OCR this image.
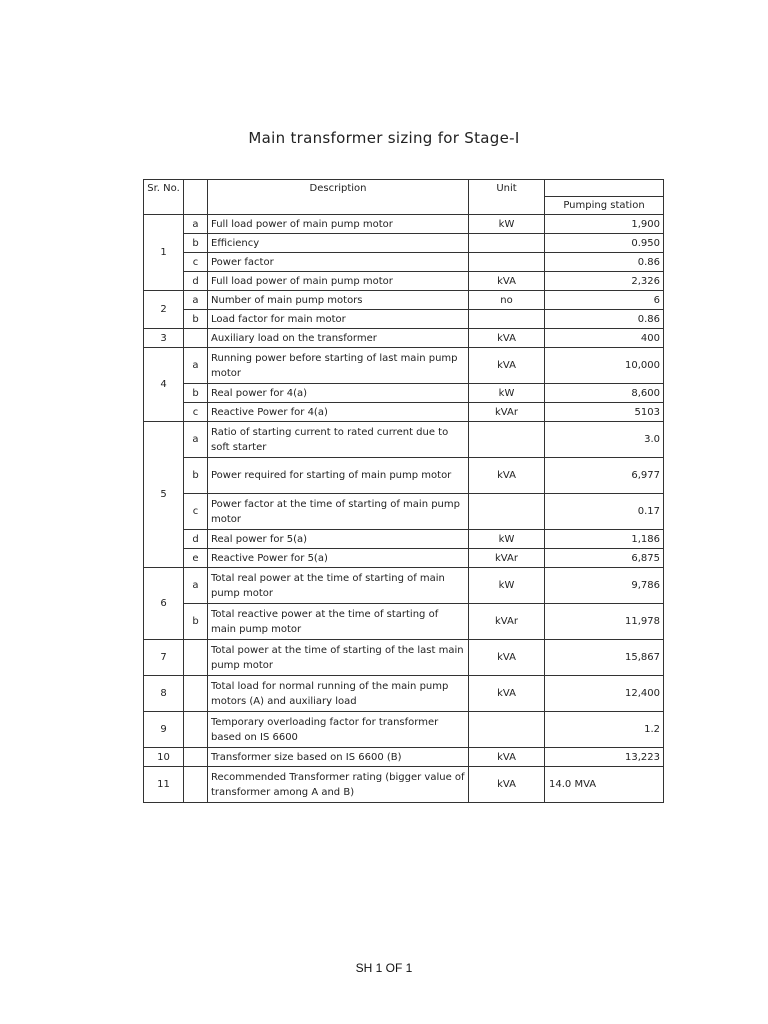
Main transformer sizing for Stage-I
Sr. No.		Description	Unit	
				Pumping station
1	a	Full load power of main pump motor	kW	1,900
	b	Efficiency		0.950
	c	Power factor		0.86
	d	Full load power of main pump motor	kVA	2,326
2	a	Number of main pump motors	no	6
	b	Load factor for main motor		0.86
3		Auxiliary load on the transformer	kVA	400
4	a	Running power before starting of last main pump motor	kVA	10,000
	b	Real power for 4(a)	kW	8,600
	c	Reactive Power for 4(a)	kVAr	5103
5	a	Ratio of starting current to rated current due to soft starter		3.0
	b	Power required for starting of main pump motor	kVA	6,977
	c	Power factor at the time of starting of main pump motor		0.17
	d	Real power for 5(a)	kW	1,186
	e	Reactive Power for 5(a)	kVAr	6,875
6	a	Total real power at the time of starting of main pump motor	kW	9,786
	b	Total reactive power at the time of starting of main pump motor	kVAr	11,978
7		Total power at the time of starting of the last main pump motor	kVA	15,867
8		Total load for normal running of the main pump motors (A) and auxiliary load	kVA	12,400
9		Temporary overloading factor for transformer based on IS 6600		1.2
10		Transformer size based on IS 6600 (B)	kVA	13,223
11		Recommended Transformer rating (bigger value of transformer among A and B)	kVA	14.0 MVA
SH 1 OF 1
